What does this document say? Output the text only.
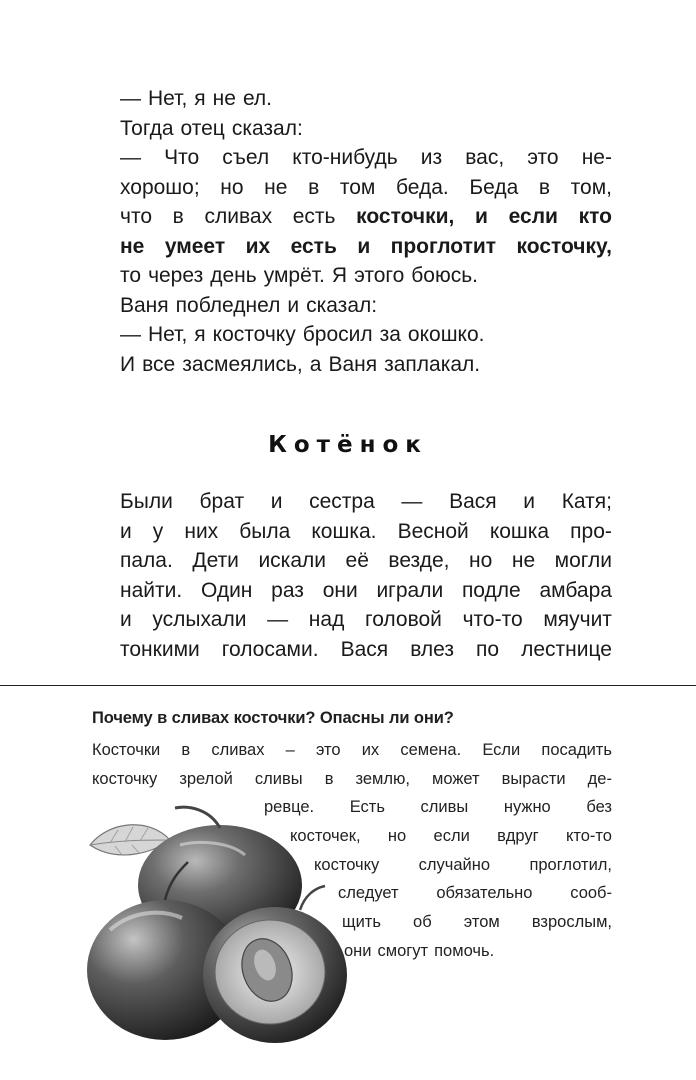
— Нет, я не ел.
Тогда отец сказал:
— Что съел кто-нибудь из вас, это не-
хорошо; но не в том беда. Беда в том,
что в сливах есть косточки, и если кто
не умеет их есть и проглотит косточку,
то через день умрёт. Я этого боюсь.
Ваня побледнел и сказал:
— Нет, я косточку бросил за окошко.
И все засмеялись, а Ваня заплакал.
Котёнок
Были брат и сестра — Вася и Катя;
и у них была кошка. Весной кошка про-
пала. Дети искали её везде, но не могли
найти. Один раз они играли подле амбара
и услыхали — над головой что-то мяучит
тонкими голосами. Вася влез по лестнице
Почему в сливах косточки? Опасны ли они?
Косточки в сливах – это их семена. Если посадить
косточку зрелой сливы в землю, может вырасти де-
ревце. Есть сливы нужно без
косточек, но если вдруг кто-то
косточку случайно проглотил,
следует обязательно сооб-
щить об этом взрослым,
они смогут помочь.
